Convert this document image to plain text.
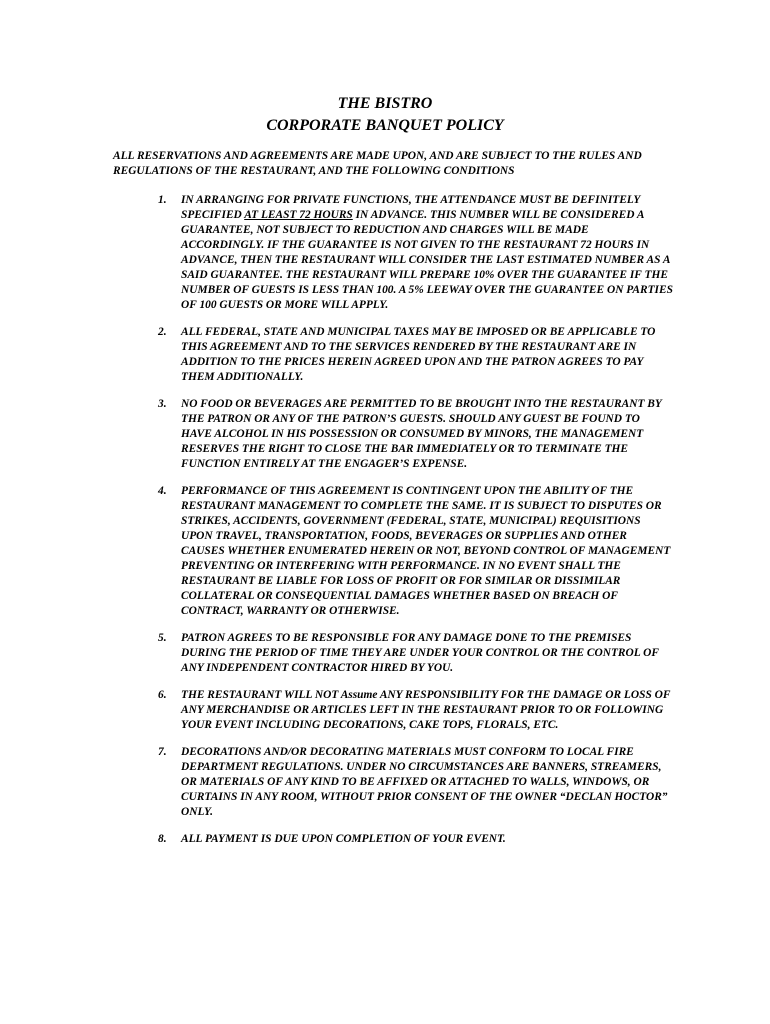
THE BISTRO
CORPORATE BANQUET POLICY

ALL RESERVATIONS AND AGREEMENTS ARE MADE UPON, AND ARE SUBJECT TO THE RULES AND REGULATIONS OF THE RESTAURANT, AND THE FOLLOWING CONDITIONS

1.	IN ARRANGING FOR PRIVATE FUNCTIONS, THE ATTENDANCE MUST BE DEFINITELY SPECIFIED AT LEAST 72 HOURS IN ADVANCE. THIS NUMBER WILL BE CONSIDERED A GUARANTEE, NOT SUBJECT TO REDUCTION AND CHARGES WILL BE MADE ACCORDINGLY. IF THE GUARANTEE IS NOT GIVEN TO THE RESTAURANT 72 HOURS IN ADVANCE, THEN THE RESTAURANT WILL CONSIDER THE LAST ESTIMATED NUMBER AS A SAID GUARANTEE. THE RESTAURANT WILL PREPARE 10% OVER THE GUARANTEE IF THE NUMBER OF GUESTS IS LESS THAN 100. A 5% LEEWAY OVER THE GUARANTEE ON PARTIES OF 100 GUESTS OR MORE WILL APPLY.
2.	ALL FEDERAL, STATE AND MUNICIPAL TAXES MAY BE IMPOSED OR BE APPLICABLE TO THIS AGREEMENT AND TO THE SERVICES RENDERED BY THE RESTAURANT ARE IN ADDITION TO THE PRICES HEREIN AGREED UPON AND THE PATRON AGREES TO PAY THEM ADDITIONALLY.
3.	NO FOOD OR BEVERAGES ARE PERMITTED TO BE BROUGHT INTO THE RESTAURANT BY THE PATRON OR ANY OF THE PATRON’S GUESTS. SHOULD ANY GUEST BE FOUND TO HAVE ALCOHOL IN HIS POSSESSION OR CONSUMED BY MINORS, THE MANAGEMENT RESERVES THE RIGHT TO CLOSE THE BAR IMMEDIATELY OR TO TERMINATE THE FUNCTION ENTIRELY AT THE ENGAGER’S EXPENSE.
4.	PERFORMANCE OF THIS AGREEMENT IS CONTINGENT UPON THE ABILITY OF THE RESTAURANT MANAGEMENT TO COMPLETE THE SAME. IT IS SUBJECT TO DISPUTES OR STRIKES, ACCIDENTS, GOVERNMENT (FEDERAL, STATE, MUNICIPAL) REQUISITIONS UPON TRAVEL, TRANSPORTATION, FOODS, BEVERAGES OR SUPPLIES AND OTHER CAUSES WHETHER ENUMERATED HEREIN OR NOT, BEYOND CONTROL OF MANAGEMENT PREVENTING OR INTERFERING WITH PERFORMANCE. IN NO EVENT SHALL THE RESTAURANT BE LIABLE FOR LOSS OF PROFIT OR FOR SIMILAR OR DISSIMILAR COLLATERAL OR CONSEQUENTIAL DAMAGES WHETHER BASED ON BREACH OF CONTRACT, WARRANTY OR OTHERWISE.
5.	PATRON AGREES TO BE RESPONSIBLE FOR ANY DAMAGE DONE TO THE PREMISES DURING THE PERIOD OF TIME THEY ARE UNDER YOUR CONTROL OR THE CONTROL OF ANY INDEPENDENT CONTRACTOR HIRED BY YOU.
6.	THE RESTAURANT WILL NOT Assume ANY RESPONSIBILITY FOR THE DAMAGE OR LOSS OF ANY MERCHANDISE OR ARTICLES LEFT IN THE RESTAURANT PRIOR TO OR FOLLOWING YOUR EVENT INCLUDING DECORATIONS, CAKE TOPS, FLORALS, ETC.
7.	DECORATIONS AND/OR DECORATING MATERIALS MUST CONFORM TO LOCAL FIRE DEPARTMENT REGULATIONS. UNDER NO CIRCUMSTANCES ARE BANNERS, STREAMERS, OR MATERIALS OF ANY KIND TO BE AFFIXED OR ATTACHED TO WALLS, WINDOWS, OR CURTAINS IN ANY ROOM, WITHOUT PRIOR CONSENT OF THE OWNER “DECLAN HOCTOR” ONLY.
8.	ALL PAYMENT IS DUE UPON COMPLETION OF YOUR EVENT.
